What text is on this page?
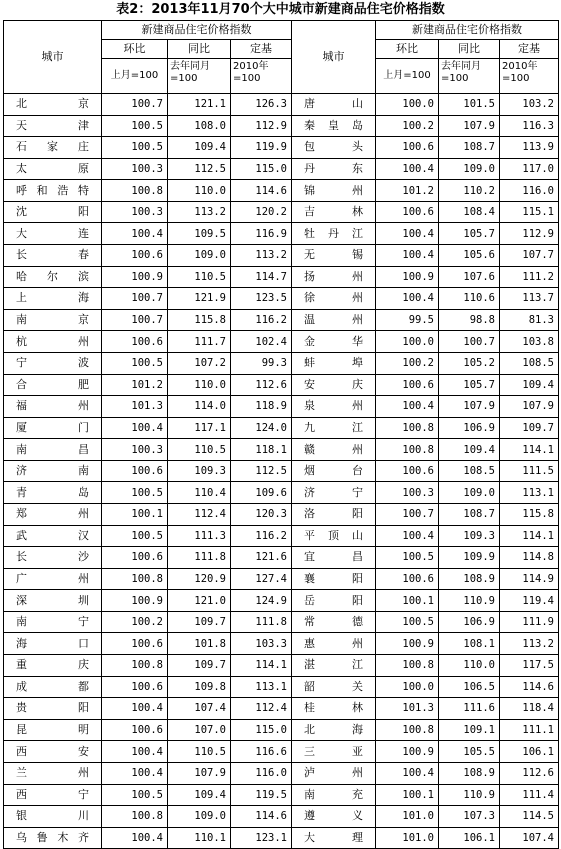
表2：2013年11月70个大中城市新建商品住宅价格指数
城市	新建商品住宅价格指数			城市	新建商品住宅价格指数		
	环比	同比	定基		环比	同比	定基
	上月=100	去年同月=100	2010年=100		上月=100	去年同月=100	2010年=100
北　京	100.7	121.1	126.3	唐　山	100.0	101.5	103.2
天　津	100.5	108.0	112.9	秦皇岛	100.2	107.9	116.3
石家庄	100.5	109.4	119.9	包　头	100.6	108.7	113.9
太　原	100.3	112.5	115.0	丹　东	100.4	109.0	117.0
呼和浩特	100.8	110.0	114.6	锦　州	101.2	110.2	116.0
沈　阳	100.3	113.2	120.2	吉　林	100.6	108.4	115.1
大　连	100.4	109.5	116.9	牡丹江	100.4	105.7	112.9
长　春	100.6	109.0	113.2	无　锡	100.4	105.6	107.7
哈尔滨	100.9	110.5	114.7	扬　州	100.9	107.6	111.2
上　海	100.7	121.9	123.5	徐　州	100.4	110.6	113.7
南　京	100.7	115.8	116.2	温　州	99.5	98.8	81.3
杭　州	100.6	111.7	102.4	金　华	100.0	100.7	103.8
宁　波	100.5	107.2	99.3	蚌　埠	100.2	105.2	108.5
合　肥	101.2	110.0	112.6	安　庆	100.6	105.7	109.4
福　州	101.3	114.0	118.9	泉　州	100.4	107.9	107.9
厦　门	100.4	117.1	124.0	九　江	100.8	106.9	109.7
南　昌	100.3	110.5	118.1	赣　州	100.8	109.4	114.1
济　南	100.6	109.3	112.5	烟　台	100.6	108.5	111.5
青　岛	100.5	110.4	109.6	济　宁	100.3	109.0	113.1
郑　州	100.1	112.4	120.3	洛　阳	100.7	108.7	115.8
武　汉	100.5	111.3	116.2	平顶山	100.4	109.3	114.1
长　沙	100.6	111.8	121.6	宜　昌	100.5	109.9	114.8
广　州	100.8	120.9	127.4	襄　阳	100.6	108.9	114.9
深　圳	100.9	121.0	124.9	岳　阳	100.1	110.9	119.4
南　宁	100.2	109.7	111.8	常　德	100.5	106.9	111.9
海　口	100.6	101.8	103.3	惠　州	100.9	108.1	113.2
重　庆	100.8	109.7	114.1	湛　江	100.8	110.0	117.5
成　都	100.6	109.8	113.1	韶　关	100.0	106.5	114.6
贵　阳	100.4	107.4	112.4	桂　林	101.3	111.6	118.4
昆　明	100.6	107.0	115.0	北　海	100.8	109.1	111.1
西　安	100.4	110.5	116.6	三　亚	100.9	105.5	106.1
兰　州	100.4	107.9	116.0	泸　州	100.4	108.9	112.6
西　宁	100.5	109.4	119.5	南　充	100.1	110.9	111.4
银　川	100.8	109.0	114.6	遵　义	101.0	107.3	114.5
乌鲁木齐	100.4	110.1	123.1	大　理	101.0	106.1	107.4
